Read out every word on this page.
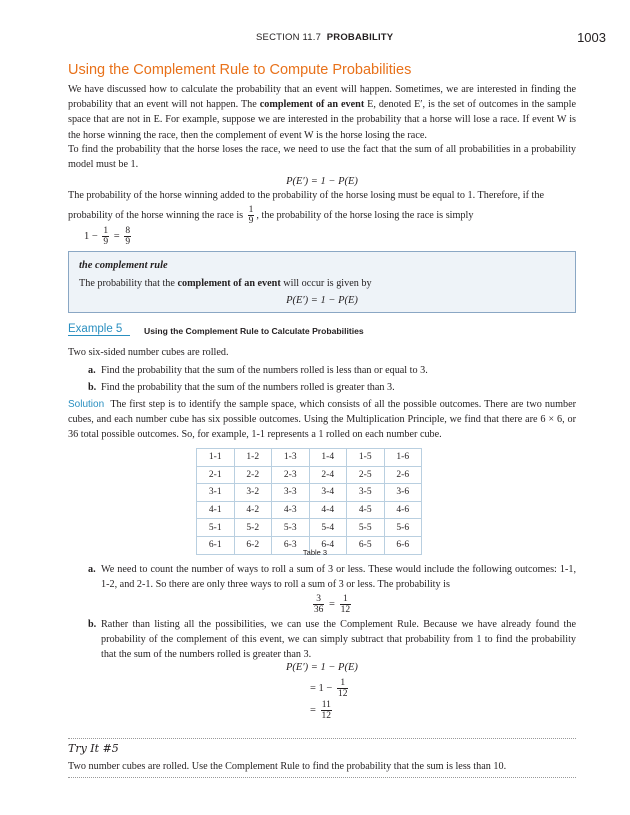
SECTION 11.7 PROBABILITY	1003
Using the Complement Rule to Compute Probabilities

We have discussed how to calculate the probability that an event will happen. Sometimes, we are interested in finding the probability that an event will not happen. The complement of an event E, denoted E′, is the set of outcomes in the sample space that are not in E. For example, suppose we are interested in the probability that a horse will lose a race. If event W is the horse winning the race, then the complement of event W is the horse losing the race.

To find the probability that the horse loses the race, we need to use the fact that the sum of all probabilities in a probability model must be 1.

P(E′) = 1 − P(E)

The probability of the horse winning added to the probability of the horse losing must be equal to 1. Therefore, if the

probability of the horse winning the race is $\frac{1}{9}$ , the probability of the horse losing the race is simply

$1 - \frac{1}{9} = \frac{8}{9}$

the complement rule
The probability that the complement of an event will occur is given by
P(E′) = 1 − P(E)
Example 5	Using the Complement Rule to Calculate Probabilities
Two six-sided number cubes are rolled.
a. Find the probability that the sum of the numbers rolled is less than or equal to 3.
b. Find the probability that the sum of the numbers rolled is greater than 3.

Solution The first step is to identify the sample space, which consists of all the possible outcomes. There are two number cubes, and each number cube has six possible outcomes. Using the Multiplication Principle, we find that there are 6 × 6, or 36 total possible outcomes. So, for example, 1-1 represents a 1 rolled on each number cube.

1-1	1-2	1-3	1-4	1-5	1-6
2-1	2-2	2-3	2-4	2-5	2-6
3-1	3-2	3-3	3-4	3-5	3-6
4-1	4-2	4-3	4-4	4-5	4-6
5-1	5-2	5-3	5-4	5-5	5-6
6-1	6-2	6-3	6-4	6-5	6-6
Table 3

a. We need to count the number of ways to roll a sum of 3 or less. These would include the following outcomes: 1-1, 1-2, and 2-1. So there are only three ways to roll a sum of 3 or less. The probability is

$\frac{3}{36} = \frac{1}{12}$

b. Rather than listing all the possibilities, we can use the Complement Rule. Because we have already found the probability of the complement of this event, we can simply subtract that probability from 1 to find the probability that the sum of the numbers rolled is greater than 3.

P(E′) = 1 − P(E)
= $1 - \frac{1}{12}$
= $\frac{11}{12}$
Try It #5
Two number cubes are rolled. Use the Complement Rule to find the probability that the sum is less than 10.
